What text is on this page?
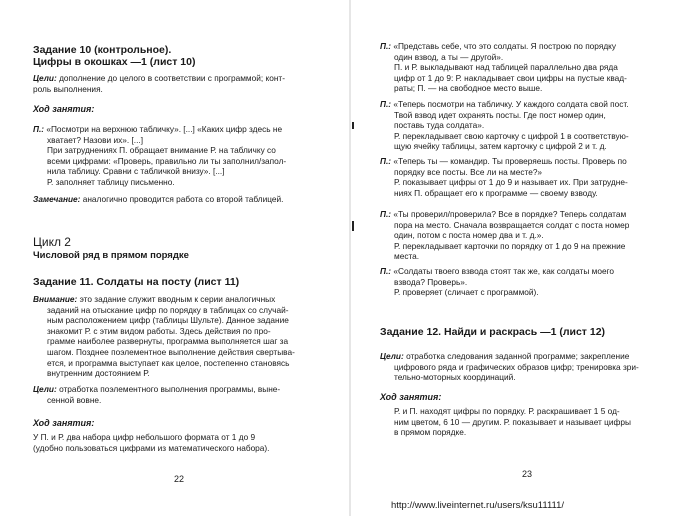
Задание 10 (контрольное).
Цифры в окошках —1 (лист 10)
Цели: дополнение до целого в соответствии с программой; конт-
роль выполнения.
Ход занятия:
П.: «Посмотри на верхнюю табличку». [...] «Каких цифр здесь не
хватает? Назови их». [...]
При затруднениях П. обращает внимание Р. на табличку со
всеми цифрами: «Проверь, правильно ли ты заполнил/запол-
нила таблицу. Сравни с табличкой внизу». [...]
Р. заполняет таблицу письменно.
Замечание: аналогично проводится работа со второй таблицей.
Цикл 2
Числовой ряд в прямом порядке
Задание 11. Солдаты на посту (лист 11)
Внимание: это задание служит вводным к серии аналогичных
заданий на отыскание цифр по порядку в таблицах со случай-
ным расположением цифр (таблицы Шульте). Данное задание
знакомит Р. с этим видом работы. Здесь действия по про-
грамме наиболее развернуты, программа выполняется шаг за
шагом. Позднее поэлементное выполнение действия свертыва-
ется, и программа выступает как целое, постепенно становясь
внутренним достоянием Р.
Цели: отработка поэлементного выполнения программы, выне-
сенной вовне.
Ход занятия:
У П. и Р. два набора цифр небольшого формата от 1 до 9
(удобно пользоваться цифрами из математического набора).
22
П.: «Представь себе, что это солдаты. Я построю по порядку
один взвод, а ты — другой».
П. и Р. выкладывают над таблицей параллельно два ряда
цифр от 1 до 9: Р. накладывает свои цифры на пустые квад-
раты; П. — на свободное место выше.
П.: «Теперь посмотри на табличку. У каждого солдата свой пост.
Твой взвод идет охранять посты. Где пост номер один,
поставь туда солдата».
Р. перекладывает свою карточку с цифрой 1 в соответствую-
щую ячейку таблицы, затем карточку с цифрой 2 и т. д.
П.: «Теперь ты — командир. Ты проверяешь посты. Проверь по
порядку все посты. Все ли на месте?»
Р. показывает цифры от 1 до 9 и называет их. При затрудне-
ниях П. обращает его к программе — своему взводу.
П.: «Ты проверил/проверила? Все в порядке? Теперь солдатам
пора на место. Сначала возвращается солдат с поста номер
один, потом с поста номер два и т. д.».
Р. перекладывает карточки по порядку от 1 до 9 на прежние
места.
П.: «Солдаты твоего взвода стоят так же, как солдаты моего
взвода? Проверь».
Р. проверяет (сличает с программой).
Задание 12. Найди и раскрась —1 (лист 12)
Цели: отработка следования заданной программе; закрепление
цифрового ряда и графических образов цифр; тренировка зри-
тельно-моторных координаций.
Ход занятия:
Р. и П. находят цифры по порядку. Р. раскрашивает 1 5 од-
ним цветом, 6 10 — другим. Р. показывает и называет цифры
в прямом порядке.
23
http://www.liveinternet.ru/users/ksu11111/
